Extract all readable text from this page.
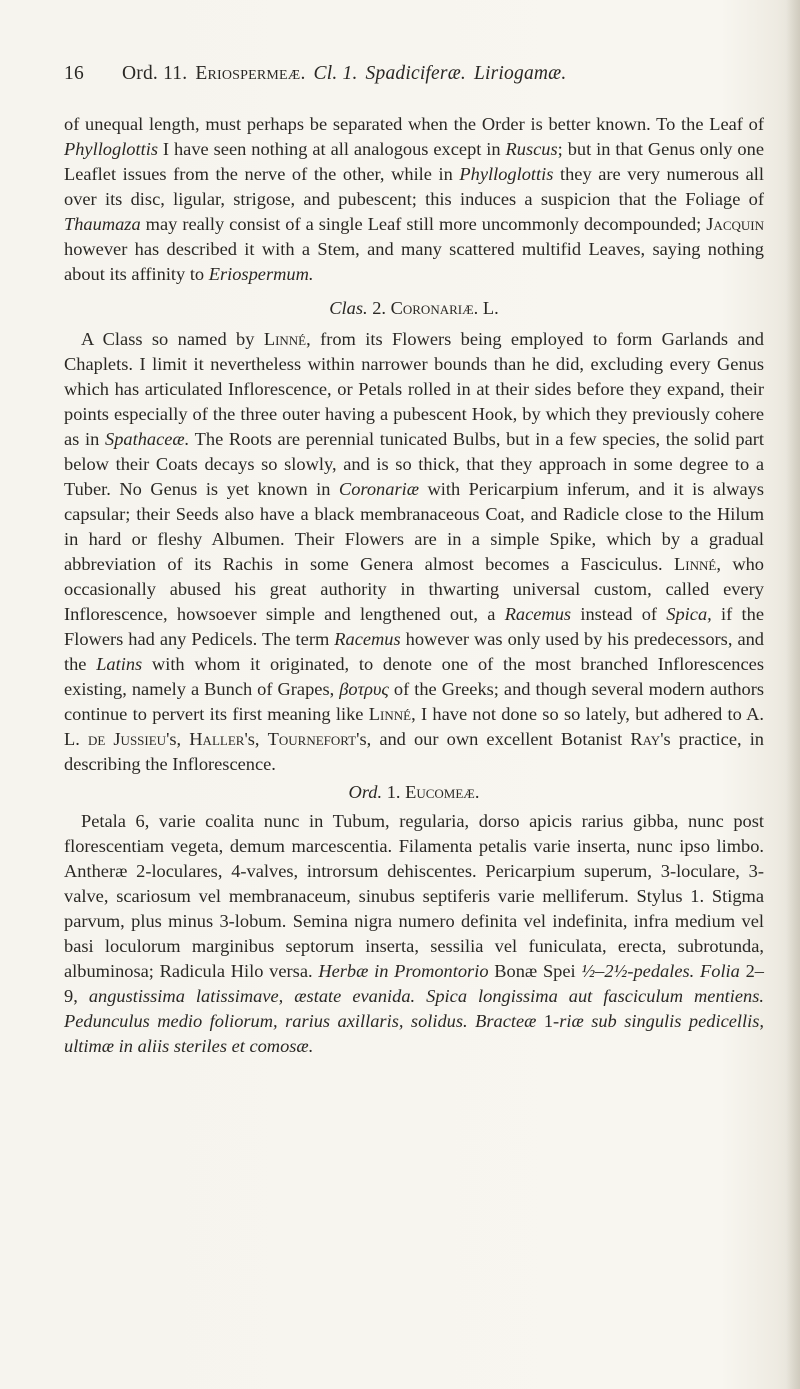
16 Ord. 11. Eriospermeæ. Cl. 1. Spadiciferæ. Liriogamæ.

of unequal length, must perhaps be separated when the Order is better known. To the Leaf of Phylloglottis I have seen nothing at all analogous except in Ruscus; but in that Genus only one Leaflet issues from the nerve of the other, while in Phylloglottis they are very numerous all over its disc, ligular, strigose, and pubescent; this induces a suspicion that the Foliage of Thaumaza may really consist of a single Leaf still more uncommonly decompounded; Jacquin however has described it with a Stem, and many scattered multifid Leaves, saying nothing about its affinity to Eriospermum.

Clas. 2. Coronariæ. L.

A Class so named by Linné, from its Flowers being employed to form Garlands and Chaplets. I limit it nevertheless within narrower bounds than he did, excluding every Genus which has articulated Inflorescence, or Petals rolled in at their sides before they expand, their points especially of the three outer having a pubescent Hook, by which they previously cohere as in Spathaceæ. The Roots are perennial tunicated Bulbs, but in a few species, the solid part below their Coats decays so slowly, and is so thick, that they approach in some degree to a Tuber. No Genus is yet known in Coronariæ with Pericarpium inferum, and it is always capsular; their Seeds also have a black membranaceous Coat, and Radicle close to the Hilum in hard or fleshy Albumen. Their Flowers are in a simple Spike, which by a gradual abbreviation of its Rachis in some Genera almost becomes a Fasciculus. Linné, who occasionally abused his great authority in thwarting universal custom, called every Inflorescence, howsoever simple and lengthened out, a Racemus instead of Spica, if the Flowers had any Pedicels. The term Racemus however was only used by his predecessors, and the Latins with whom it originated, to denote one of the most branched Inflorescences existing, namely a Bunch of Grapes, βοτρυς of the Greeks; and though several modern authors continue to pervert its first meaning like Linné, I have not done so so lately, but adhered to A. L. de Jussieu's, Haller's, Tournefort's, and our own excellent Botanist Ray's practice, in describing the Inflorescence.

Ord. 1. Eucomeæ.

Petala 6, varie coalita nunc in Tubum, regularia, dorso apicis rarius gibba, nunc post florescentiam vegeta, demum marcescentia. Filamenta petalis varie inserta, nunc ipso limbo. Antheræ 2-loculares, 4-valves, introrsum dehiscentes. Pericarpium superum, 3-loculare, 3-valve, scariosum vel membranaceum, sinubus septiferis varie melliferum. Stylus 1. Stigma parvum, plus minus 3-lobum. Semina nigra numero definita vel indefinita, infra medium vel basi loculorum marginibus septorum inserta, sessilia vel funiculata, erecta, subrotunda, albuminosa; Radicula Hilo versa. Herbæ in Promontorio Bonæ Spei ½–2½-pedales. Folia 2–9, angustissima latissimave, æstate evanida. Spica longissima aut fasciculum mentiens. Pedunculus medio foliorum, rarius axillaris, solidus. Bracteæ 1-riæ sub singulis pedicellis, ultimæ in aliis steriles et comosæ.
